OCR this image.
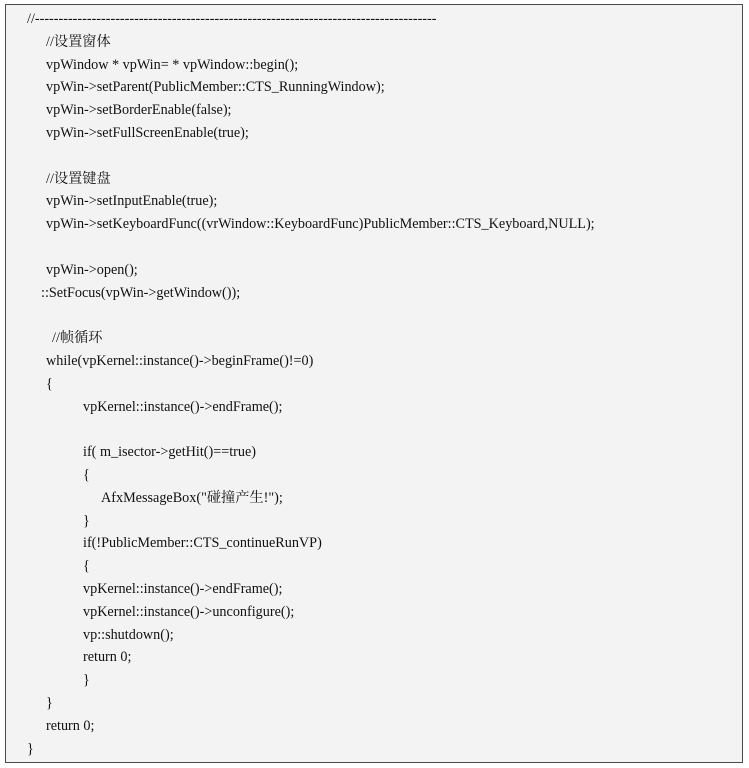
//-------------------------------------------------------------------------------------
//设置窗体
vpWindow * vpWin= * vpWindow::begin();
vpWin->setParent(PublicMember::CTS_RunningWindow);
vpWin->setBorderEnable(false);
vpWin->setFullScreenEnable(true);
//设置键盘
vpWin->setInputEnable(true);
vpWin->setKeyboardFunc((vrWindow::KeyboardFunc)PublicMember::CTS_Keyboard,NULL);
vpWin->open();
::SetFocus(vpWin->getWindow());
//帧循环
while(vpKernel::instance()->beginFrame()!=0)
{
vpKernel::instance()->endFrame();
if( m_isector->getHit()==true)
{
AfxMessageBox("碰撞产生!");
}
if(!PublicMember::CTS_continueRunVP)
{
vpKernel::instance()->endFrame();
vpKernel::instance()->unconfigure();
vp::shutdown();
return 0;
}
}
return 0;
}
